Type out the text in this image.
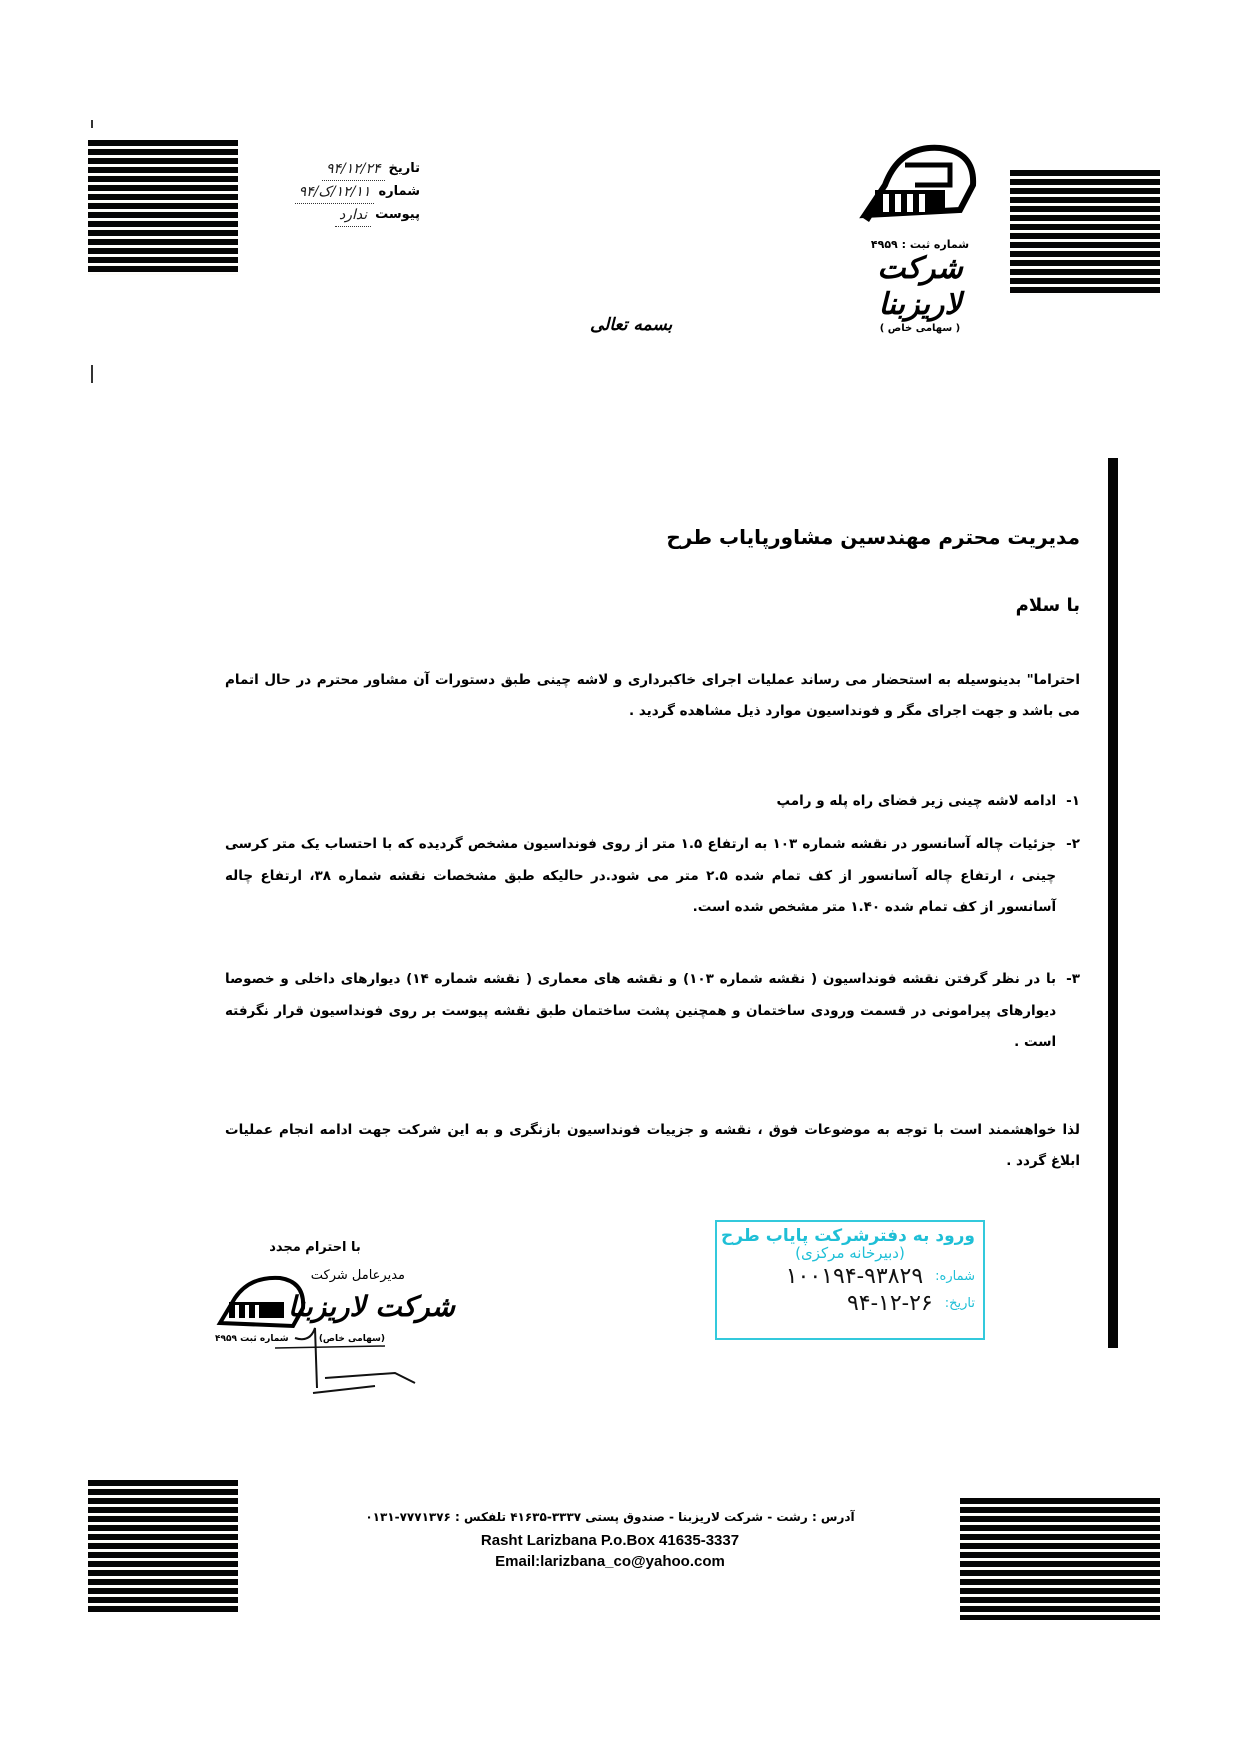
تاریخ
۹۴/۱۲/۲۴
شماره
۱۲/۱۱/ک/۹۴
پیوست
ندارد
شماره ثبت : ۴۹۵۹
شرکت لاریزبنا
( سهامی خاص )
بسمه تعالی
مدیریت محترم مهندسین مشاورپایاب طرح
با سلام
احتراما" بدینوسیله به استحضار می رساند عملیات اجرای خاکبرداری و لاشه چینی طبق دستورات آن مشاور محترم در حال اتمام می باشد و جهت اجرای مگر و فونداسیون موارد ذیل مشاهده گردید .
۱-
ادامه لاشه چینی زیر فضای راه پله و رامپ
۲-
جزئیات چاله آسانسور در نقشه شماره ۱۰۳ به ارتفاع ۱.۵ متر از روی فونداسیون مشخص گردیده که با احتساب یک متر کرسی چینی ، ارتفاع چاله آسانسور از کف تمام شده ۲.۵ متر می شود.در حالیکه طبق مشخصات نقشه شماره ۳۸، ارتفاع چاله آسانسور از کف تمام شده ۱.۴۰ متر مشخص شده است.
۳-
با در نظر گرفتن نقشه فونداسیون ( نقشه شماره ۱۰۳) و نقشه های معماری ( نقشه شماره ۱۴) دیوارهای داخلی و خصوصا دیوارهای پیرامونی در قسمت ورودی ساختمان و همچنین پشت ساختمان طبق نقشه پیوست بر روی فونداسیون قرار نگرفته است .
لذا خواهشمند است با توجه به موضوعات فوق ، نقشه و جزییات فونداسیون بازنگری و به این شرکت جهت ادامه انجام عملیات ابلاغ گردد .
با احترام مجدد
مدیرعامل شرکت
شرکت لاریزبنا
(سهامی خاص)
شماره ثبت ۴۹۵۹
ورود به دفترشرکت پایاب طرح
(دبیرخانه مرکزی)
شماره:
۱۰۰۱۹۴-۹۳۸۲۹
تاریخ:
۹۴-۱۲-۲۶
آدرس : رشت - شرکت لاریزبنا - صندوق پستی ۳۳۳۷-۴۱۶۳۵ تلفکس : ۷۷۷۱۳۷۶-۰۱۳۱
Rasht Larizbana P.o.Box 41635-3337
Email:larizbana_co@yahoo.com
